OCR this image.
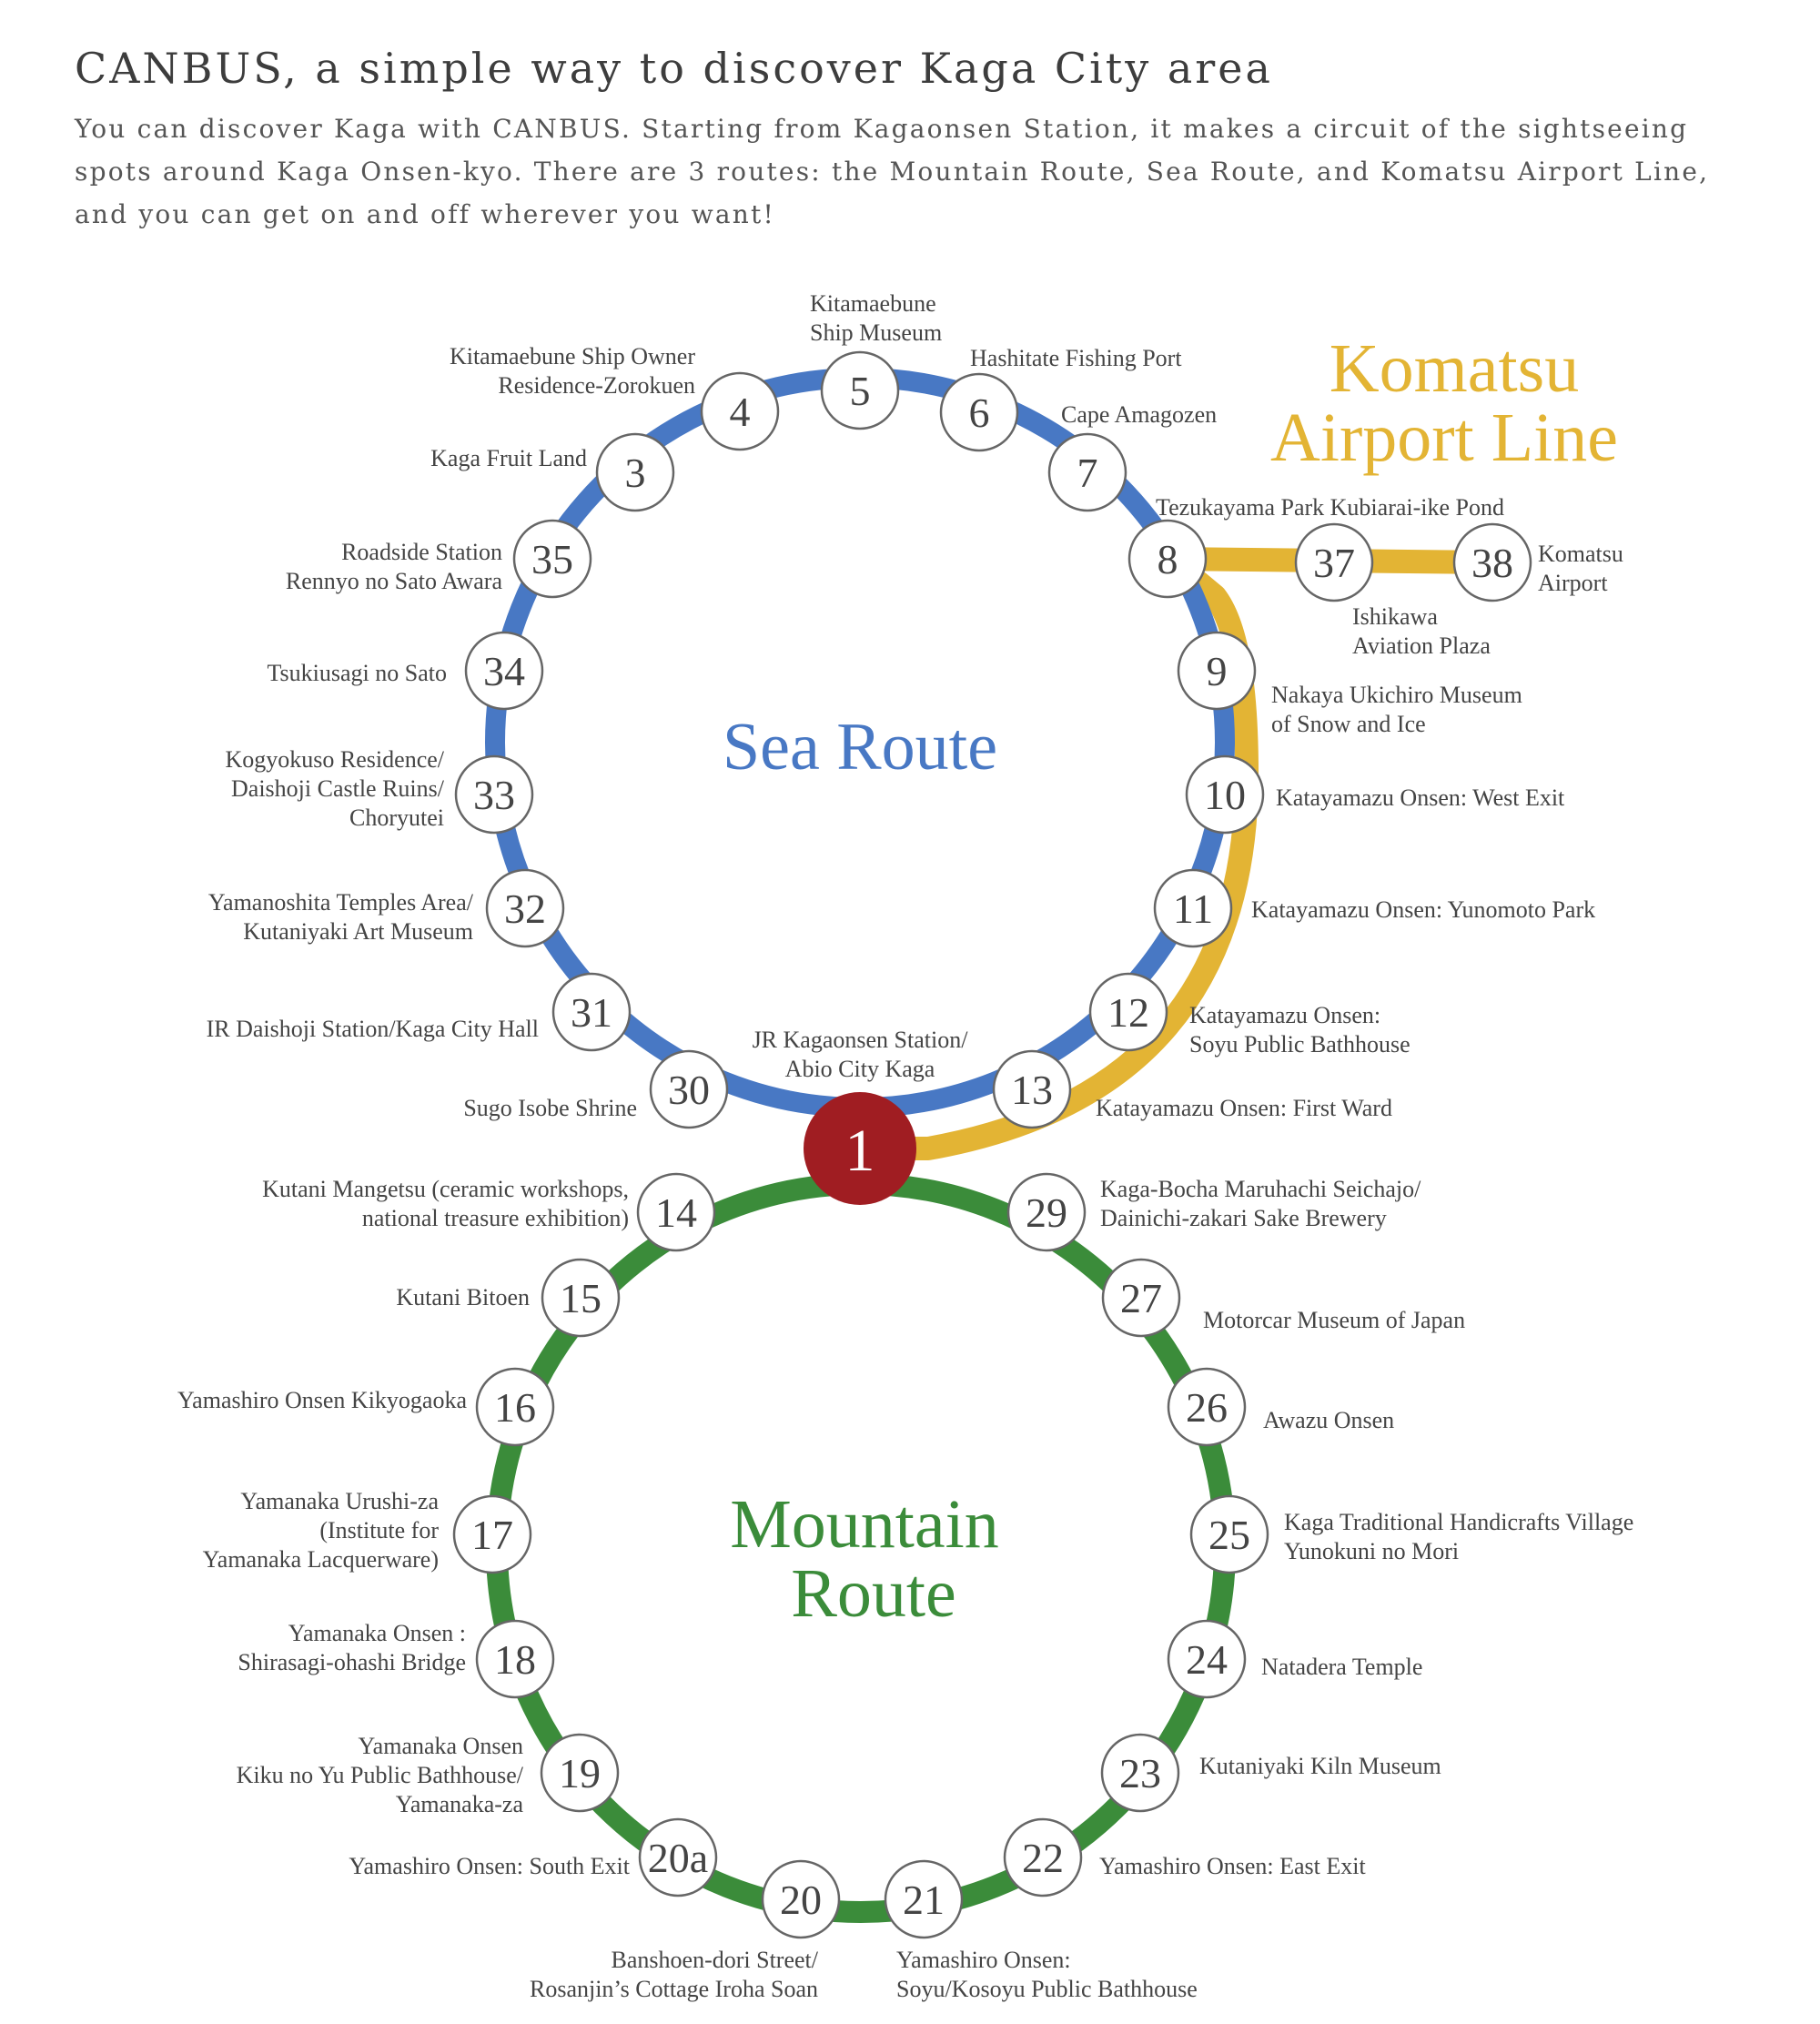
CANBUS, a simple way to discover Kaga City area

You can discover Kaga with CANBUS. Starting from Kagaonsen Station, it makes a circuit of the sightseeing spots around Kaga Onsen-kyo. There are 3 routes: the Mountain Route, Sea Route, and Komatsu Airport Line, and you can get on and off wherever you want!

Sea Route
Mountain
Route
Komatsu
Airport Line
3
4 5 6
7
8
9
10
11
12
13
30
31
32
33
34
35	37	38
14
15
16
17
18
19
20a
20 21
22
23
24
25
26
27
29
1
Kaga Fruit Land
Kitamaebune Ship Owner
Residence-Zorokuen
Kitamaebune
Ship Museum
Hashitate Fishing Port
Cape Amagozen
Tezukayama Park Kubiarai-ike Pond
Nakaya Ukichiro Museum
of Snow and Ice
Katayamazu Onsen: West Exit
Katayamazu Onsen: Yunomoto Park
Katayamazu Onsen:
Soyu Public Bathhouse
Katayamazu Onsen: First Ward
Sugo Isobe Shrine
IR Daishoji Station/Kaga City Hall
Yamanoshita Temples Area/
Kutaniyaki Art Museum
Kogyokuso Residence/
Daishoji Castle Ruins/
Choryutei
Tsukiusagi no Sato
Roadside Station
Rennyo no Sato Awara
Ishikawa
Aviation Plaza
Komatsu
Airport
Kutani Mangetsu (ceramic workshops,
national treasure exhibition)
Kutani Bitoen
Yamashiro Onsen Kikyogaoka
Yamanaka Urushi-za
(Institute for
Yamanaka Lacquerware)
Yamanaka Onsen :
Shirasagi-ohashi Bridge
Yamanaka Onsen
Kiku no Yu Public Bathhouse/
Yamanaka-za
Yamashiro Onsen: South Exit
Banshoen-dori Street/
Rosanjin’s Cottage Iroha Soan
Yamashiro Onsen:
Soyu/Kosoyu Public Bathhouse
Yamashiro Onsen: East Exit
Kutaniyaki Kiln Museum
Natadera Temple
Kaga Traditional Handicrafts Village
Yunokuni no Mori
Awazu Onsen
Motorcar Museum of Japan
Kaga-Bocha Maruhachi Seichajo/
Dainichi-zakari Sake Brewery
JR Kagaonsen Station/
Abio City Kaga
